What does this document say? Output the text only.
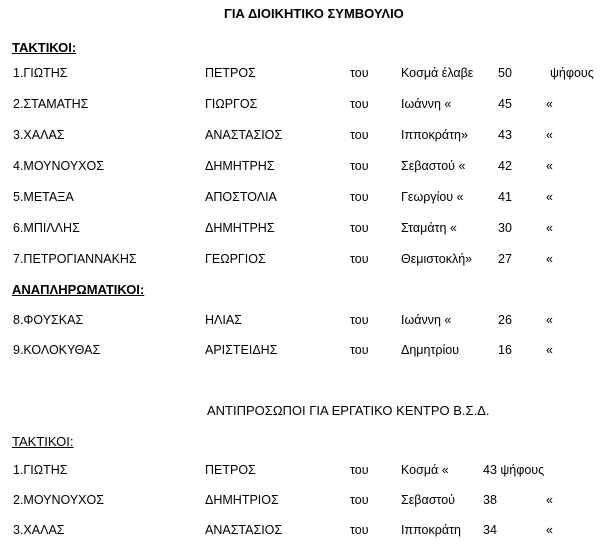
ΓΙΑ ΔΙΟΙΚΗΤΙΚΟ ΣΥΜΒΟΥΛΙΟ
ΤΑΚΤΙΚΟΙ:
1.ΓΙΩΤΗΣ	ΠΕΤΡΟΣ	του	Κοσμά έλαβε 50	ψήφους
2.ΣΤΑΜΑΤΗΣ	ΓΙΩΡΓΟΣ	του	Ιωάννη «	45	«
3.ΧΑΛΑΣ	ΑΝΑΣΤΑΣΙΟΣ	του	Ιπποκράτη» 43	«
4.ΜΟΥΝΟΥΧΟΣ	ΔΗΜΗΤΡΗΣ	του	Σεβαστού «	42	«
5.ΜΕΤΑΞΑ	ΑΠΟΣΤΟΛΙΑ	του	Γεωργίου «	41	«
6.ΜΠΙΛΛΗΣ	ΔΗΜΗΤΡΗΣ	του	Σταμάτη «	30	«
7.ΠΕΤΡΟΓΙΑΝΝΑΚΗΣ	ΓΕΩΡΓΙΟΣ	του	Θεμιστοκλή» 27	«
ΑΝΑΠΛΗΡΩΜΑΤΙΚΟΙ:
8.ΦΟΥΣΚΑΣ	ΗΛΙΑΣ	του	Ιωάννη «	26	«
9.ΚΟΛΟΚΥΘΑΣ	ΑΡΙΣΤΕΙΔΗΣ	του	Δημητρίου	16	«
ΑΝΤΙΠΡΟΣΩΠΟΙ ΓΙΑ ΕΡΓΑΤΙΚΟ ΚΕΝΤΡΟ Β.Σ.Δ.
ΤΑΚΤΙΚΟΙ:
1.ΓΙΩΤΗΣ	ΠΕΤΡΟΣ	του	Κοσμά «	43 ψήφους
2.ΜΟΥΝΟΥΧΟΣ	ΔΗΜΗΤΡΙΟΣ	του	Σεβαστού 38	«
3.ΧΑΛΑΣ	ΑΝΑΣΤΑΣΙΟΣ	του	Ιπποκράτη 34	«
